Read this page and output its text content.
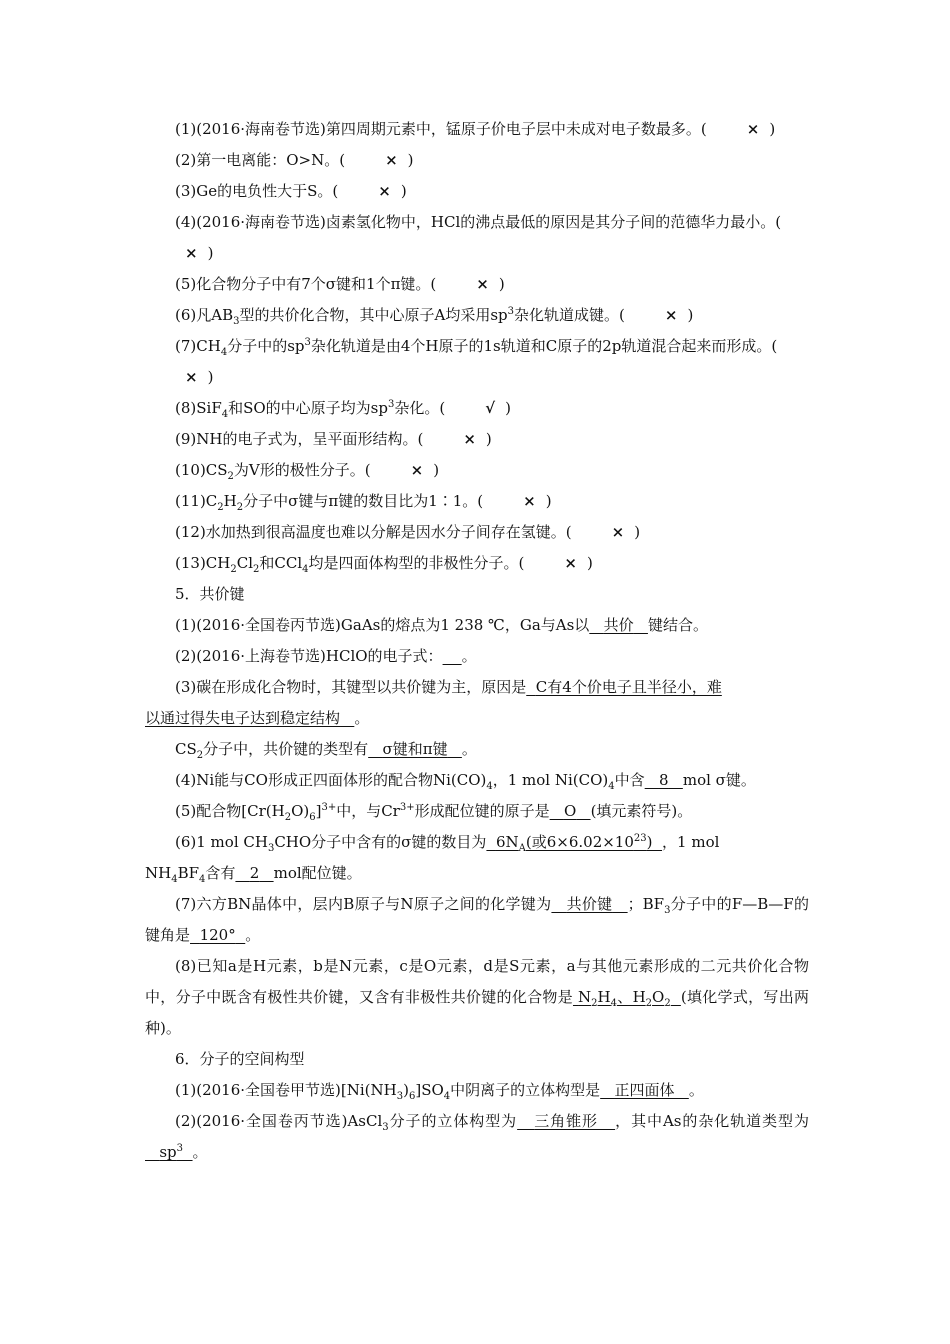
(1)(2016·海南卷节选)第四周期元素中，锰原子价电子层中未成对电子数最多。(	× )

(2)第一电离能：O>N。(	× )

(3)Ge的电负性大于S。(	× )

(4)(2016·海南卷节选)卤素氢化物中，HCl的沸点最低的原因是其分子间的范德华力最小。(× )

(5)化合物分子中有7个σ键和1个π键。(	× )

(6)凡$AB_3$型的共价化合物，其中心原子A均采用$sp^3$杂化轨道成键。(	× )

$(7)CH_4$分子中的$sp^3$杂化轨道是由4个H原子的1s轨道和C原子的2p轨道混合起来而形成。(× )

(8)SiF$_4$和SO的中心原子均为$sp^3$杂化。(	√ )

(9)NH的电子式为，呈平面形结构。(	× )

$(10)CS_2$为V形的极性分子。(	× )

$(11)C_2H_2$分子中σ键与π键的数目比为1∶1。(	× )

(12)水加热到很高温度也难以分解是因水分子间存在氢键。(	× )

$(13)CH_2Cl_2$和CCl$_4$均是四面体构型的非极性分子。(	× )

5．共价键

(1)(2016·全国卷丙节选)GaAs的熔点为1 238 ℃，Ga与As以 共价 键结合。

(2)(2016·上海卷节选)HClO的电子式： 。

(3)碳在形成化合物时，其键型以共价键为主，原因是 C有4个价电子且半径小，难
以通过得失电子达到稳定结构 。

$CS_2$分子中，共价键的类型有 σ键和π键 。

(4)Ni能与CO形成正四面体形的配合物$Ni(CO)_4$，1 mol $Ni(CO)_4$中含 8 mol σ键。

(5)配合物$[Cr(H_2O)_6]^{3+}$中，与$Cr^{3+}$形成配位键的原子是 O (填元素符号)。

(6)1 mol $CH_3CHO$分子中含有的σ键的数目为 $6N_A$(或$6\times 6.02\times 10^{23}$) ，1 mol
$NH_4BF_4$含有 2 mol配位键。

(7)六方BN晶体中，层内B原子与N原子之间的化学键为 共价键 ；$BF_3$分子中的F—B—F的键角是 120° 。

(8)已知a是H元素，b是N元素，c是O元素，d是S元素，a与其他元素形成的二元共价化合物中，分子中既含有极性共价键，又含有非极性共价键的化合物是 $N_2H_4$、$H_2O_2$ (填化学式，写出两种)。

6．分子的空间构型

(1)(2016·全国卷甲节选)$[Ni(NH_3)_6]SO_4$中阴离子的立体构型是 正四面体 。

(2)(2016·全国卷丙节选)AsCl$_3$分子的立体构型为 三角锥形 ，其中As的杂化轨道类型为   $sp^3$ 。
